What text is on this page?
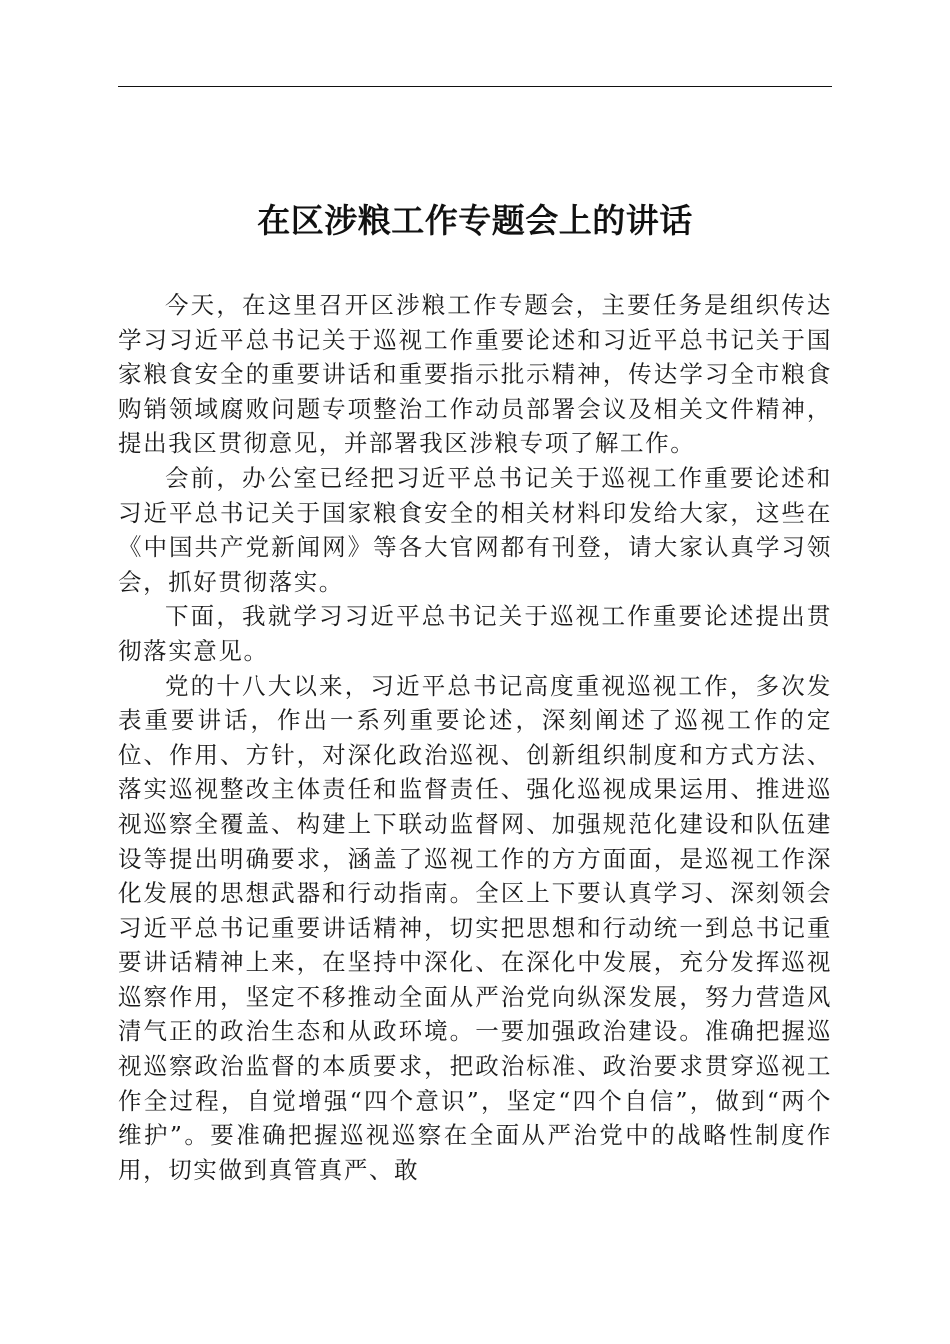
在区涉粮工作专题会上的讲话

今天，在这里召开区涉粮工作专题会，主要任务是组织传达学习习近平总书记关于巡视工作重要论述和习近平总书记关于国家粮食安全的重要讲话和重要指示批示精神，传达学习全市粮食购销领域腐败问题专项整治工作动员部署会议及相关文件精神，提出我区贯彻意见，并部署我区涉粮专项了解工作。

会前，办公室已经把习近平总书记关于巡视工作重要论述和习近平总书记关于国家粮食安全的相关材料印发给大家，这些在《中国共产党新闻网》等各大官网都有刊登，请大家认真学习领会，抓好贯彻落实。

下面，我就学习习近平总书记关于巡视工作重要论述提出贯彻落实意见。

党的十八大以来，习近平总书记高度重视巡视工作，多次发表重要讲话，作出一系列重要论述，深刻阐述了巡视工作的定位、作用、方针，对深化政治巡视、创新组织制度和方式方法、落实巡视整改主体责任和监督责任、强化巡视成果运用、推进巡视巡察全覆盖、构建上下联动监督网、加强规范化建设和队伍建设等提出明确要求，涵盖了巡视工作的方方面面，是巡视工作深化发展的思想武器和行动指南。全区上下要认真学习、深刻领会习近平总书记重要讲话精神，切实把思想和行动统一到总书记重要讲话精神上来，在坚持中深化、在深化中发展，充分发挥巡视巡察作用，坚定不移推动全面从严治党向纵深发展，努力营造风清气正的政治生态和从政环境。一要加强政治建设。准确把握巡视巡察政治监督的本质要求，把政治标准、政治要求贯穿巡视工作全过程，自觉增强“四个意识”，坚定“四个自信”，做到“两个维护”。要准确把握巡视巡察在全面从严治党中的战略性制度作用，切实做到真管真严、敢
